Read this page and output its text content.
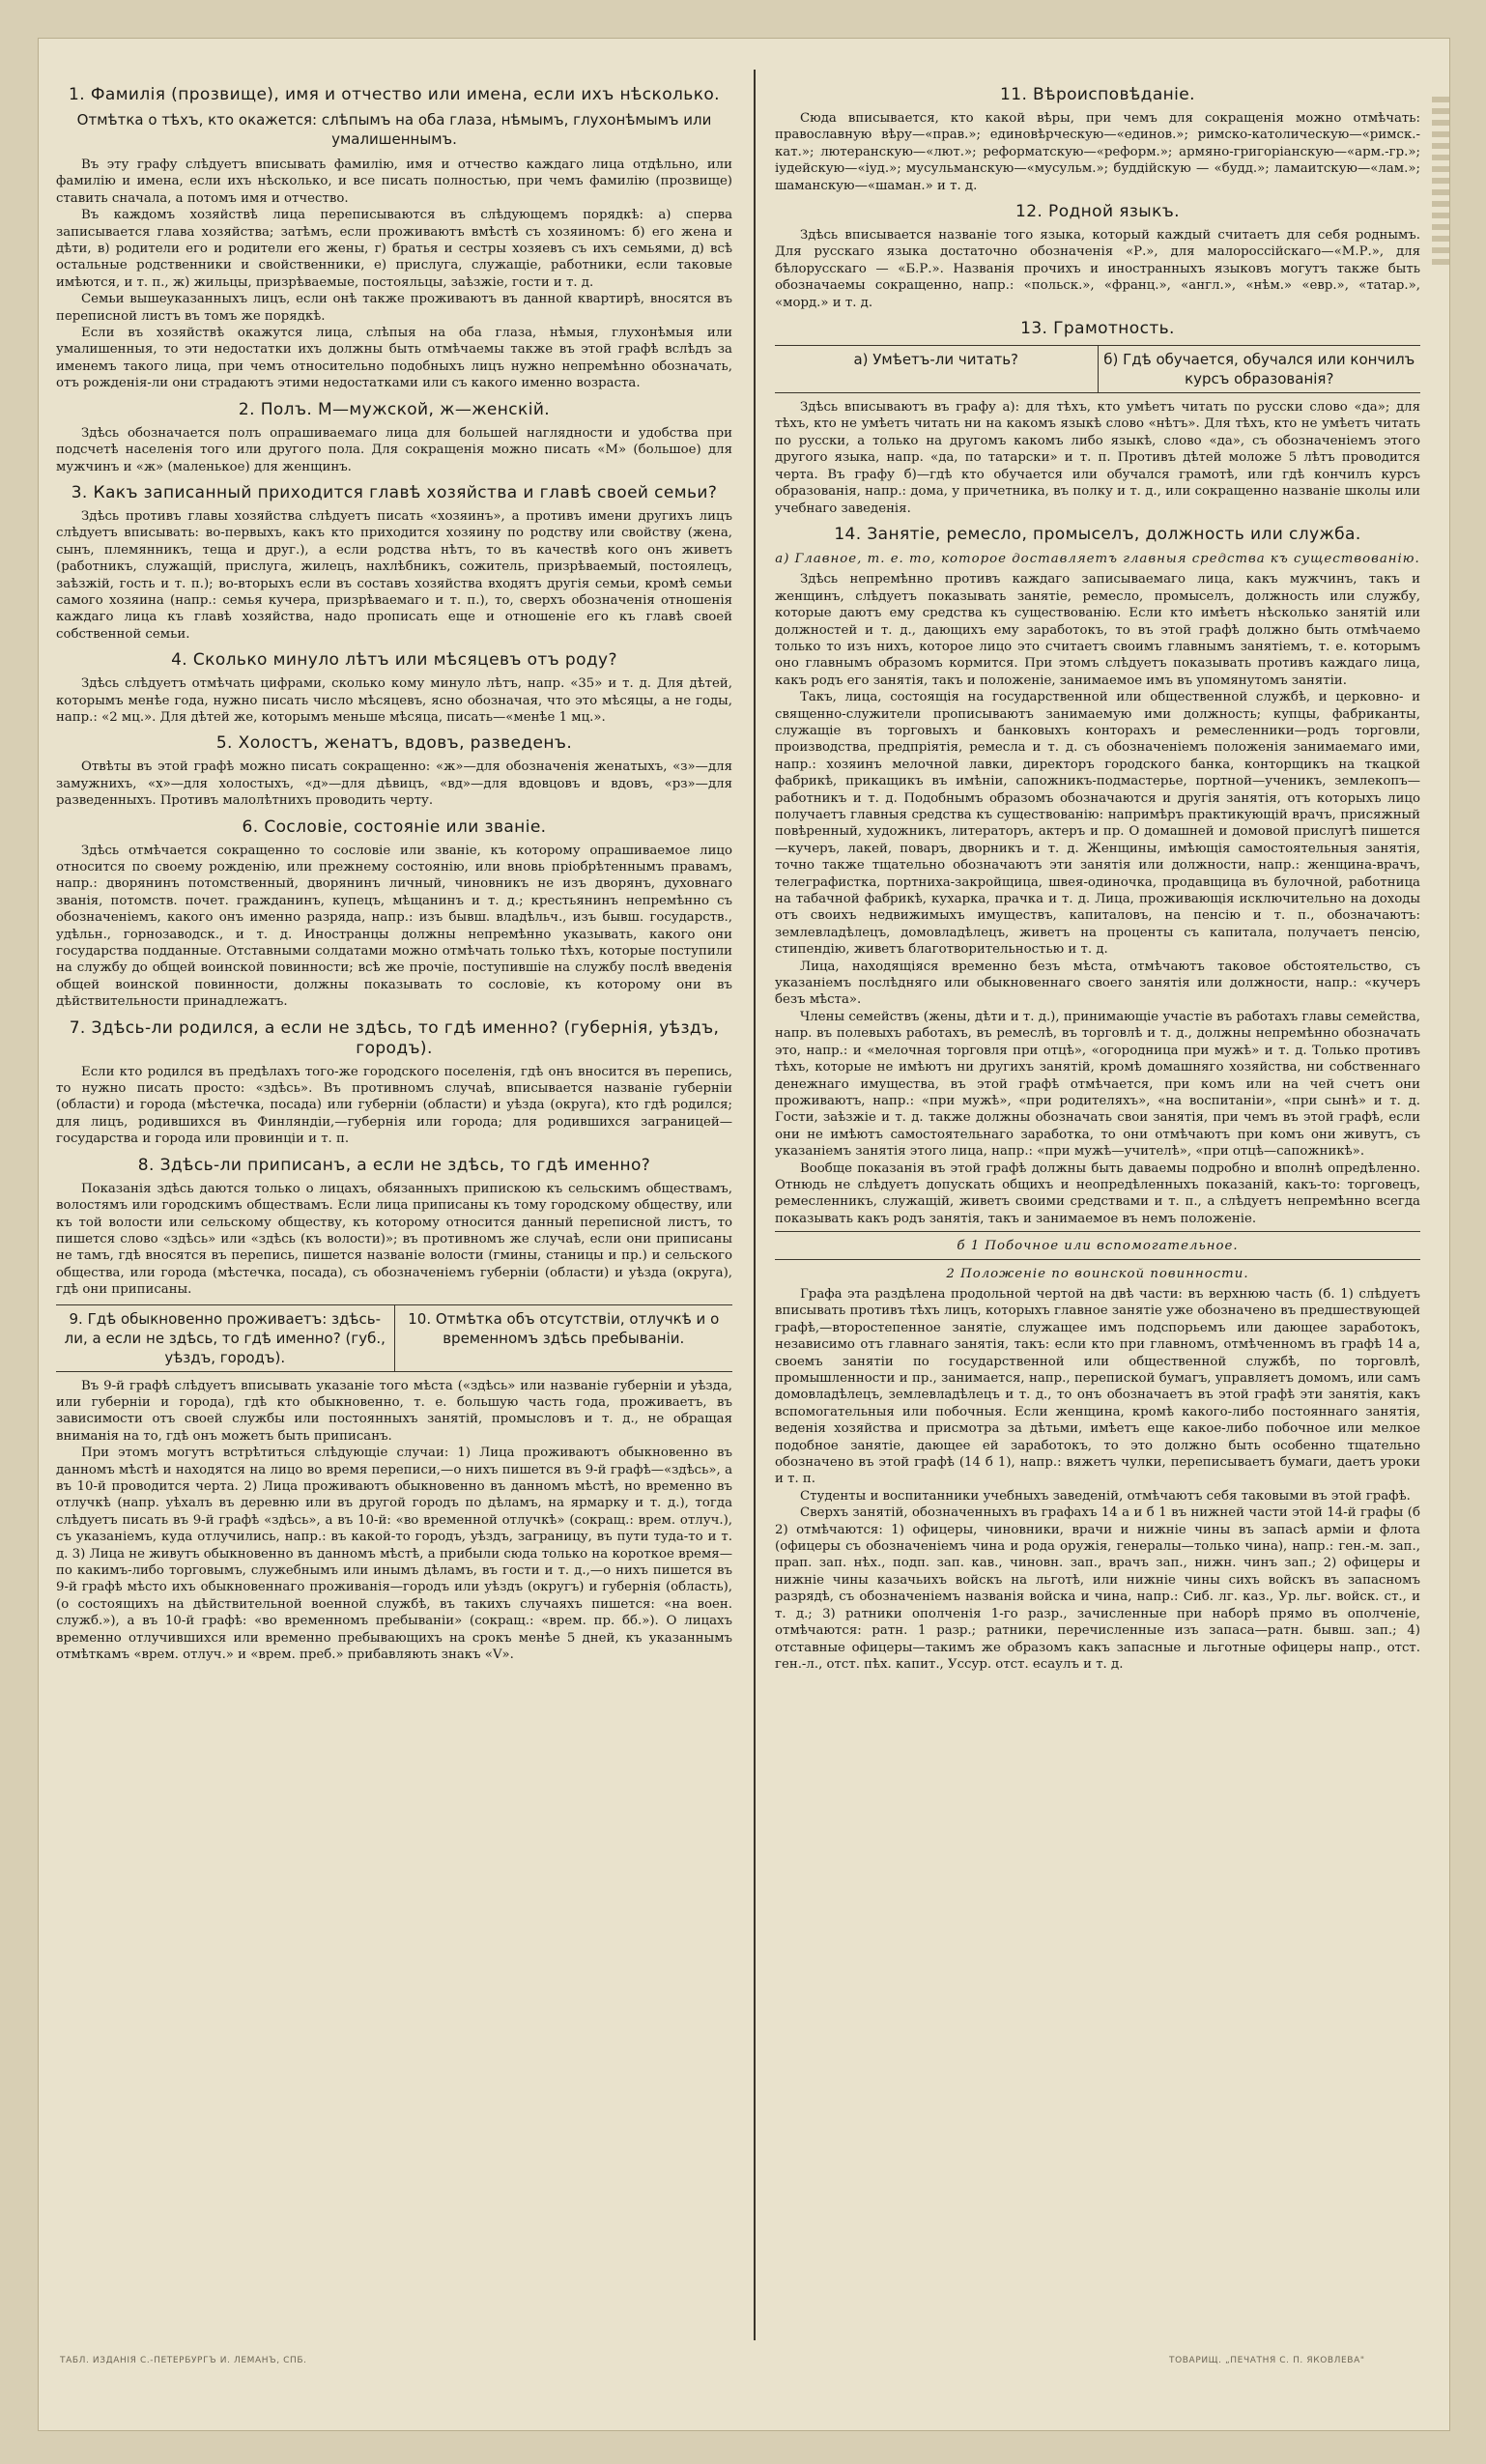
1. Фамилія (прозвище), имя и отчество или имена, если ихъ нѣсколько.
Отмѣтка о тѣхъ, кто окажется: слѣпымъ на оба глаза, нѣмымъ, глухонѣмымъ или умалишеннымъ.

Въ эту графу слѣдуетъ вписывать фамилію, имя и отчество каждаго лица отдѣльно, или фамилію и имена, если ихъ нѣсколько, и все писать полностью, при чемъ фамилію (прозвище) ставить сначала, а потомъ имя и отчество.

Въ каждомъ хозяйствѣ лица переписываются въ слѣдующемъ порядкѣ: а) сперва записывается глава хозяйства; затѣмъ, если проживаютъ вмѣстѣ съ хозяиномъ: б) его жена и дѣти, в) родители его и родители его жены, г) братья и сестры хозяевъ съ ихъ семьями, д) всѣ остальные родственники и свойственники, е) прислуга, служащіе, работники, если таковые имѣются, и т. п., ж) жильцы, призрѣваемые, постояльцы, заѣзжіе, гости и т. д.

Семьи вышеуказанныхъ лицъ, если онѣ также проживаютъ въ данной квартирѣ, вносятся въ переписной листъ въ томъ же порядкѣ.

Если въ хозяйствѣ окажутся лица, слѣпыя на оба глаза, нѣмыя, глухонѣмыя или умалишенныя, то эти недостатки ихъ должны быть отмѣчаемы также въ этой графѣ вслѣдъ за именемъ такого лица, при чемъ относительно подобныхъ лицъ нужно непремѣнно обозначать, отъ рожденія-ли они страдаютъ этими недостатками или съ какого именно возраста.

2. Полъ. М—мужской, ж—женскій.

Здѣсь обозначается полъ опрашиваемаго лица для большей наглядности и удобства при подсчетѣ населенія того или другого пола. Для сокращенія можно писать «М» (большое) для мужчинъ и «ж» (маленькое) для женщинъ.

3. Какъ записанный приходится главѣ хозяйства и главѣ своей семьи?

Здѣсь противъ главы хозяйства слѣдуетъ писать «хозяинъ», а противъ имени другихъ лицъ слѣдуетъ вписывать: во-первыхъ, какъ кто приходится хозяину по родству или свойству (жена, сынъ, племянникъ, теща и друг.), а если родства нѣтъ, то въ качествѣ кого онъ живетъ (работникъ, служащій, прислуга, жилецъ, нахлѣбникъ, сожитель, призрѣваемый, постоялецъ, заѣзжій, гость и т. п.); во-вторыхъ если въ составъ хозяйства входятъ другія семьи, кромѣ семьи самого хозяина (напр.: семья кучера, призрѣваемаго и т. п.), то, сверхъ обозначенія отношенія каждаго лица къ главѣ хозяйства, надо прописать еще и отношеніе его къ главѣ своей собственной семьи.

4. Сколько минуло лѣтъ или мѣсяцевъ отъ роду?

Здѣсь слѣдуетъ отмѣчать цифрами, сколько кому минуло лѣтъ, напр. «35» и т. д. Для дѣтей, которымъ менѣе года, нужно писать число мѣсяцевъ, ясно обозначая, что это мѣсяцы, а не годы, напр.: «2 мц.». Для дѣтей же, которымъ меньше мѣсяца, писать—«менѣе 1 мц.».

5. Холостъ, женатъ, вдовъ, разведенъ.

Отвѣты въ этой графѣ можно писать сокращенно: «ж»—для обозначенія женатыхъ, «з»—для замужнихъ, «х»—для холостыхъ, «д»—для дѣвицъ, «вд»—для вдовцовъ и вдовъ, «рз»—для разведенныхъ. Противъ малолѣтнихъ проводить черту.

6. Сословіе, состояніе или званіе.

Здѣсь отмѣчается сокращенно то сословіе или званіе, къ которому опрашиваемое лицо относится по своему рожденію, или прежнему состоянію, или вновь пріобрѣтеннымъ правамъ, напр.: дворянинъ потомственный, дворянинъ личный, чиновникъ не изъ дворянъ, духовнаго званія, потомств. почет. гражданинъ, купецъ, мѣщанинъ и т. д.; крестьянинъ непремѣнно съ обозначеніемъ, какого онъ именно разряда, напр.: изъ бывш. владѣльч., изъ бывш. государств., удѣльн., горнозаводск., и т. д. Иностранцы должны непремѣнно указывать, какого они государства подданные. Отставными солдатами можно отмѣчать только тѣхъ, которые поступили на службу до общей воинской повинности; всѣ же прочіе, поступившіе на службу послѣ введенія общей воинской повинности, должны показывать то сословіе, къ которому они въ дѣйствительности принадлежатъ.

7. Здѣсь-ли родился, а если не здѣсь, то гдѣ именно? (губернія, уѣздъ, городъ).

Если кто родился въ предѣлахъ того-же городского поселенія, гдѣ онъ вносится въ перепись, то нужно писать просто: «здѣсь». Въ противномъ случаѣ, вписывается названіе губерніи (области) и города (мѣстечка, посада) или губерніи (области) и уѣзда (округа), кто гдѣ родился; для лицъ, родившихся въ Финляндіи,—губернія или города; для родившихся заграницей—государства и города или провинціи и т. п.

8. Здѣсь-ли приписанъ, а если не здѣсь, то гдѣ именно?

Показанія здѣсь даются только о лицахъ, обязанныхъ припискою къ сельскимъ обществамъ, волостямъ или городскимъ обществамъ. Если лица приписаны къ тому городскому обществу, или къ той волости или сельскому обществу, къ которому относится данный переписной листъ, то пишется слово «здѣсь» или «здѣсь (къ волости)»; въ противномъ же случаѣ, если они приписаны не тамъ, гдѣ вносятся въ перепись, пишется названіе волости (гмины, станицы и пр.) и сельского общества, или города (мѣстечка, посада), съ обозначеніемъ губерніи (области) и уѣзда (округа), гдѣ они приписаны.

9. Гдѣ обыкновенно проживаетъ: здѣсь-ли, а если не здѣсь, то гдѣ именно? (губ., уѣздъ, городъ).
10. Отмѣтка объ отсутствіи, отлучкѣ и о временномъ здѣсь пребываніи.

Въ 9-й графѣ слѣдуетъ вписывать указаніе того мѣста («здѣсь» или названіе губерніи и уѣзда, или губерніи и города), гдѣ кто обыкновенно, т. е. большую часть года, проживаетъ, въ зависимости отъ своей службы или постоянныхъ занятій, промысловъ и т. д., не обращая вниманія на то, гдѣ онъ можетъ быть приписанъ.

При этомъ могутъ встрѣтиться слѣдующіе случаи: 1) Лица проживаютъ обыкновенно въ данномъ мѣстѣ и находятся на лицо во время переписи,—о нихъ пишется въ 9-й графѣ—«здѣсь», а въ 10-й проводится черта. 2) Лица проживаютъ обыкновенно въ данномъ мѣстѣ, но временно въ отлучкѣ (напр. уѣхалъ въ деревню или въ другой городъ по дѣламъ, на ярмарку и т. д.), тогда слѣдуетъ писать въ 9-й графѣ «здѣсь», а въ 10-й: «во временной отлучкѣ» (сокращ.: врем. отлуч.), съ указаніемъ, куда отлучились, напр.: въ какой-то городъ, уѣздъ, заграницу, въ пути туда-то и т. д. 3) Лица не живутъ обыкновенно въ данномъ мѣстѣ, а прибыли сюда только на короткое время—по какимъ-либо торговымъ, служебнымъ или инымъ дѣламъ, въ гости и т. д.,—о нихъ пишется въ 9-й графѣ мѣсто ихъ обыкновеннаго проживанія—городъ или уѣздъ (округъ) и губернія (область), (о состоящихъ на дѣйствительной военной службѣ, въ такихъ случаяхъ пишется: «на воен. служб.»), а въ 10-й графѣ: «во временномъ пребываніи» (сокращ.: «врем. пр. бб.»). О лицахъ временно отлучившихся или временно пребывающихъ на срокъ менѣе 5 дней, къ указаннымъ отмѣткамъ «врем. отлуч.» и «врем. преб.» прибавляють знакъ «V».

11. Вѣроисповѣданіе.

Сюда вписывается, кто какой вѣры, при чемъ для сокращенія можно отмѣчать: православную вѣру—«прав.»; единовѣрческую—«единов.»; римско-католическую—«римск.-кат.»; лютеранскую—«лют.»; реформатскую—«реформ.»; армяно-григоріанскую—«арм.-гр.»; іудейскую—«іуд.»; мусульманскую—«мусульм.»; буддійскую — «будд.»; ламаитскую—«лам.»; шаманскую—«шаман.» и т. д.

12. Родной языкъ.

Здѣсь вписывается названіе того языка, который каждый считаетъ для себя роднымъ. Для русскаго языка достаточно обозначенія «Р.», для малороссійскаго—«М.Р.», для бѣлорусскаго — «Б.Р.». Названія прочихъ и иностранныхъ языковъ могутъ также быть обозначаемы сокращенно, напр.: «польск.», «франц.», «англ.», «нѣм.» «евр.», «татар.», «морд.» и т. д.

13. Грамотность.
а) Умѣетъ-ли читать?	б) Гдѣ обучается, обучался или кончилъ курсъ образованія?

Здѣсь вписываютъ въ графу а): для тѣхъ, кто умѣетъ читать по русски слово «да»; для тѣхъ, кто не умѣетъ читать ни на какомъ языкѣ слово «нѣтъ». Для тѣхъ, кто не умѣетъ читать по русски, а только на другомъ какомъ либо языкѣ, слово «да», съ обозначеніемъ этого другого языка, напр. «да, по татарски» и т. п. Противъ дѣтей моложе 5 лѣтъ проводится черта. Въ графу б)—гдѣ кто обучается или обучался грамотѣ, или гдѣ кончилъ курсъ образованія, напр.: дома, у причетника, въ полку и т. д., или сокращенно названіе школы или учебнаго заведенія.

14. Занятіе, ремесло, промыселъ, должность или служба.
а) Главное, т. е. то, которое доставляетъ главныя средства къ существованію.

Здѣсь непремѣнно противъ каждаго записываемаго лица, какъ мужчинъ, такъ и женщинъ, слѣдуетъ показывать занятіе, ремесло, промыселъ, должность или службу, которые даютъ ему средства къ существованію. Если кто имѣетъ нѣсколько занятій или должностей и т. д., дающихъ ему заработокъ, то въ этой графѣ должно быть отмѣчаемо только то изъ нихъ, которое лицо это считаетъ своимъ главнымъ занятіемъ, т. е. которымъ оно главнымъ образомъ кормится. При этомъ слѣдуетъ показывать противъ каждаго лица, какъ родъ его занятія, такъ и положеніе, занимаемое имъ въ упомянутомъ занятіи.

Такъ, лица, состоящія на государственной или общественной службѣ, и церковно- и священно-служители прописываютъ занимаемую ими должность; купцы, фабриканты, служащіе въ торговыхъ и банковыхъ конторахъ и ремесленники—родъ торговли, производства, предпріятія, ремесла и т. д. съ обозначеніемъ положенія занимаемаго ими, напр.: хозяинъ мелочной лавки, директоръ городского банка, конторщикъ на ткацкой фабрикѣ, прикащикъ въ имѣніи, сапожникъ-подмастерье, портной—ученикъ, землекопъ—работникъ и т. д. Подобнымъ образомъ обозначаются и другія занятія, отъ которыхъ лицо получаетъ главныя средства къ существованію: напримѣръ практикующій врачъ, присяжный повѣренный, художникъ, литераторъ, актеръ и пр. О домашней и домовой прислугѣ пишется—кучеръ, лакей, поваръ, дворникъ и т. д. Женщины, имѣющія самостоятельныя занятія, точно также тщательно обозначаютъ эти занятія или должности, напр.: женщина-врачъ, телеграфистка, портниха-закройщица, швея-одиночка, продавщица въ булочной, работница на табачной фабрикѣ, кухарка, прачка и т. д. Лица, проживающія исключительно на доходы отъ своихъ недвижимыхъ имуществъ, капиталовъ, на пенсію и т. п., обозначаютъ: землевладѣлецъ, домовладѣлецъ, живетъ на проценты съ капитала, получаетъ пенсію, стипендію, живетъ благотворительностью и т. д.

Лица, находящіяся временно безъ мѣста, отмѣчаютъ таковое обстоятельство, съ указаніемъ послѣдняго или обыкновеннаго своего занятія или должности, напр.: «кучеръ безъ мѣста».

Члены семействъ (жены, дѣти и т. д.), принимающіе участіе въ работахъ главы семейства, напр. въ полевыхъ работахъ, въ ремеслѣ, въ торговлѣ и т. д., должны непремѣнно обозначать это, напр.: и «мелочная торговля при отцѣ», «огородница при мужѣ» и т. д. Только противъ тѣхъ, которые не имѣютъ ни другихъ занятій, кромѣ домашняго хозяйства, ни собственнаго денежнаго имущества, въ этой графѣ отмѣчается, при комъ или на чей счетъ они проживаютъ, напр.: «при мужѣ», «при родителяхъ», «на воспитаніи», «при сынѣ» и т. д. Гости, заѣзжіе и т. д. также должны обозначать свои занятія, при чемъ въ этой графѣ, если они не имѣютъ самостоятельнаго заработка, то они отмѣчаютъ при комъ они живутъ, съ указаніемъ занятія этого лица, напр.: «при мужѣ—учителѣ», «при отцѣ—сапожникѣ».

Вообще показанія въ этой графѣ должны быть даваемы подробно и вполнѣ опредѣленно. Отнюдь не слѣдуетъ допускать общихъ и неопредѣленныхъ показаній, какъ-то: торговецъ, ремесленникъ, служащій, живетъ своими средствами и т. п., а слѣдуетъ непремѣнно всегда показывать какъ родъ занятія, такъ и занимаемое въ немъ положеніе.

б 1 Побочное или вспомогательное.
2 Положеніе по воинской повинности.

Графа эта раздѣлена продольной чертой на двѣ части: въ верхнюю часть (б. 1) слѣдуетъ вписывать противъ тѣхъ лицъ, которыхъ главное занятіе уже обозначено въ предшествующей графѣ,—второстепенное занятіе, служащее имъ подспорьемъ или дающее заработокъ, независимо отъ главнаго занятія, такъ: если кто при главномъ, отмѣченномъ въ графѣ 14 а, своемъ занятіи по государственной или общественной службѣ, по торговлѣ, промышленности и пр., занимается, напр., перепиской бумагъ, управляетъ домомъ, или самъ домовладѣлецъ, землевладѣлецъ и т. д., то онъ обозначаетъ въ этой графѣ эти занятія, какъ вспомогательныя или побочныя. Если женщина, кромѣ какого-либо постояннаго занятія, веденія хозяйства и присмотра за дѣтьми, имѣетъ еще какое-либо побочное или мелкое подобное занятіе, дающее ей заработокъ, то это должно быть особенно тщательно обозначено въ этой графѣ (14 б 1), напр.: вяжетъ чулки, переписываетъ бумаги, даетъ уроки и т. п.

Студенты и воспитанники учебныхъ заведеній, отмѣчаютъ себя таковыми въ этой графѣ.

Сверхъ занятій, обозначенныхъ въ графахъ 14 а и б 1 въ нижней части этой 14-й графы (б 2) отмѣчаются: 1) офицеры, чиновники, врачи и нижніе чины въ запасѣ арміи и флота (офицеры съ обозначеніемъ чина и рода оружія, генералы—только чина), напр.: ген.-м. зап., прап. зап. нѣх., подп. зап. кав., чиновн. зап., врачъ зап., нижн. чинъ зап.; 2) офицеры и нижніе чины казачьихъ войскъ на льготѣ, или нижніе чины сихъ войскъ въ запасномъ разрядѣ, съ обозначеніемъ названія войска и чина, напр.: Сиб. лг. каз., Ур. льг. войск. ст., и т. д.; 3) ратники ополченія 1-го разр., зачисленные при наборѣ прямо въ ополченіе, отмѣчаются: ратн. 1 разр.; ратники, перечисленные изъ запаса—ратн. бывш. зап.; 4) отставные офицеры—такимъ же образомъ какъ запасные и льготные офицеры напр., отст. ген.-л., отст. пѣх. капит., Уссур. отст. есаулъ и т. д.

ТАБЛ. ИЗДАНІЯ С.-ПЕТЕРБУРГЪ И. ЛЕМАНЪ, СПБ.	ТОВАРИЩ. „ПЕЧАТНЯ С. П. ЯКОВЛЕВА"
